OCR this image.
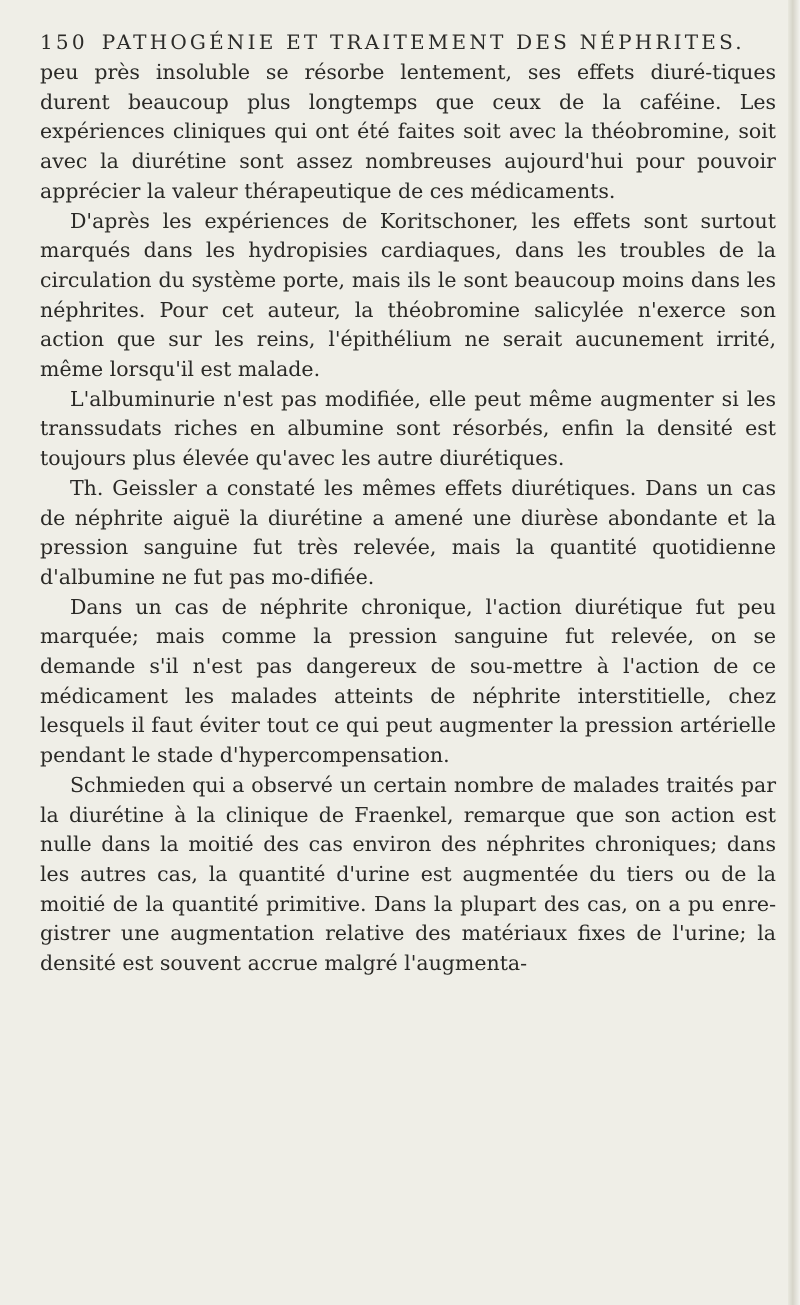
150 PATHOGÉNIE ET TRAITEMENT DES NÉPHRITES.

peu près insoluble se résorbe lentement, ses effets diuré-tiques durent beaucoup plus longtemps que ceux de la caféine. Les expériences cliniques qui ont été faites soit avec la théobromine, soit avec la diurétine sont assez nombreuses aujourd'hui pour pouvoir apprécier la valeur thérapeutique de ces médicaments.

D'après les expériences de Koritschoner, les effets sont surtout marqués dans les hydropisies cardiaques, dans les troubles de la circulation du système porte, mais ils le sont beaucoup moins dans les néphrites. Pour cet auteur, la théobromine salicylée n'exerce son action que sur les reins, l'épithélium ne serait aucunement irrité, même lorsqu'il est malade.

L'albuminurie n'est pas modifiée, elle peut même augmenter si les transsudats riches en albumine sont résorbés, enfin la densité est toujours plus élevée qu'avec les autre diurétiques.

Th. Geissler a constaté les mêmes effets diurétiques. Dans un cas de néphrite aiguë la diurétine a amené une diurèse abondante et la pression sanguine fut très relevée, mais la quantité quotidienne d'albumine ne fut pas mo-difiée.

Dans un cas de néphrite chronique, l'action diurétique fut peu marquée; mais comme la pression sanguine fut relevée, on se demande s'il n'est pas dangereux de sou-mettre à l'action de ce médicament les malades atteints de néphrite interstitielle, chez lesquels il faut éviter tout ce qui peut augmenter la pression artérielle pendant le stade d'hypercompensation.

Schmieden qui a observé un certain nombre de malades traités par la diurétine à la clinique de Fraenkel, remarque que son action est nulle dans la moitié des cas environ des néphrites chroniques; dans les autres cas, la quantité d'urine est augmentée du tiers ou de la moitié de la quantité primitive. Dans la plupart des cas, on a pu enre-gistrer une augmentation relative des matériaux fixes de l'urine; la densité est souvent accrue malgré l'augmenta-
